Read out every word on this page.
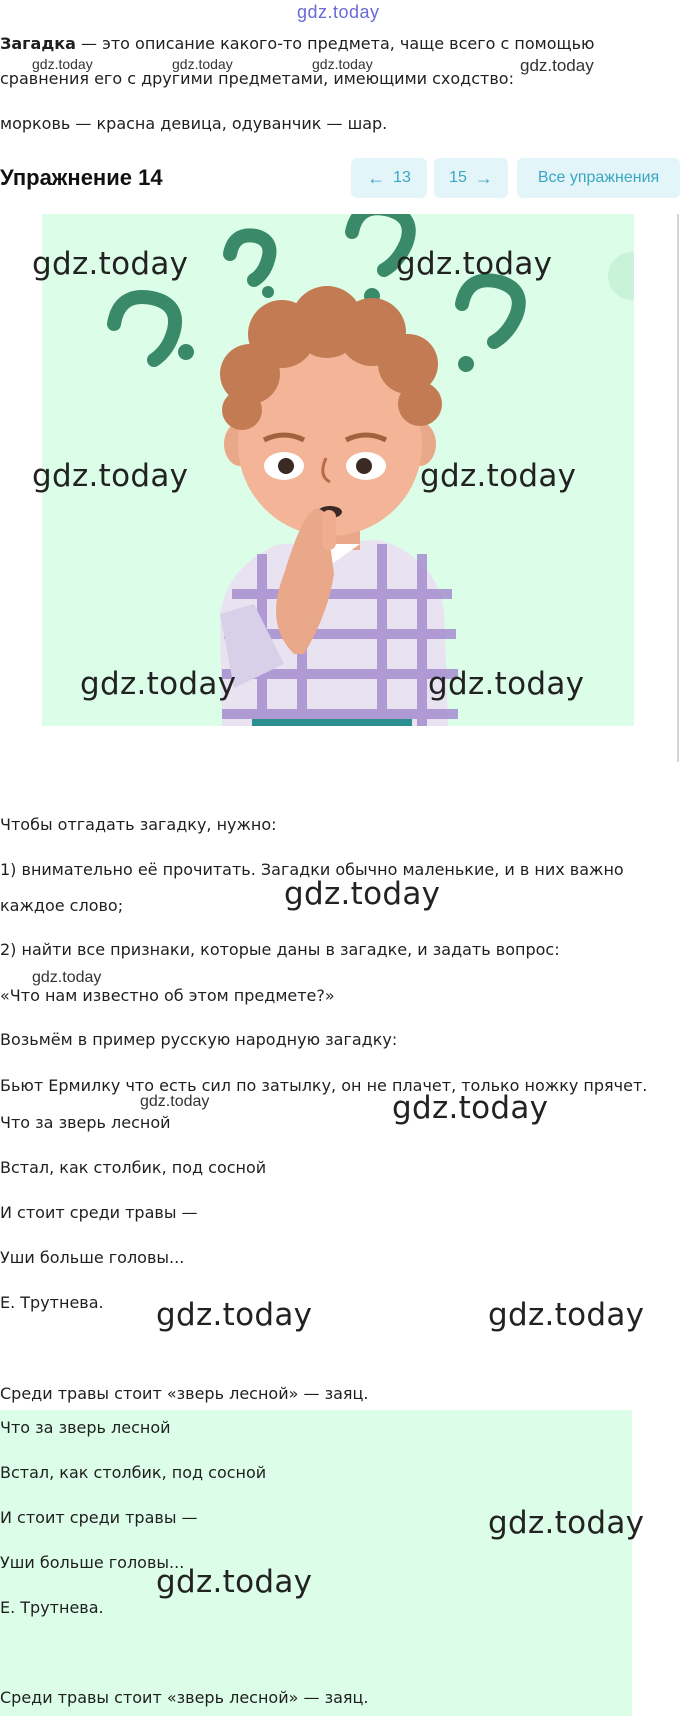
gdz.today
Загадка — это описание какого-то предмета, чаще всего с помощью
gdz.today	gdz.today	gdz.today
сравнения его с другими предметами, имеющими сходство:
gdz.today
морковь — красна девица, одуванчик — шар.
Упражнение 14	← 13 15 →	Все упражнения
gdz.today	gdz.today
gdz.today	gdz.today
gdz.today	gdz.today
Чтобы отгадать загадку, нужно:
1) внимательно её прочитать. Загадки обычно маленькие, и в них важно
каждое слово;	gdz.today
2) найти все признаки, которые даны в загадке, и задать вопрос:
gdz.today
«Что нам известно об этом предмете?»
Возьмём в пример русскую народную загадку:
Бьют Ермилку что есть сил по затылку, он не плачет, только ножку прячет.
gdz.today	gdz.today
Что за зверь лесной
Встал, как столбик, под сосной
И стоит среди травы —
Уши больше головы...
Е. Трутнева. gdz.today	gdz.today
Среди травы стоит «зверь лесной» — заяц.
Что за зверь лесной
Встал, как столбик, под сосной
И стоит среди травы —
Уши больше головы...
Е. Трутнева.
gdz.today
gdz.today
Среди травы стоит «зверь лесной» — заяц.
